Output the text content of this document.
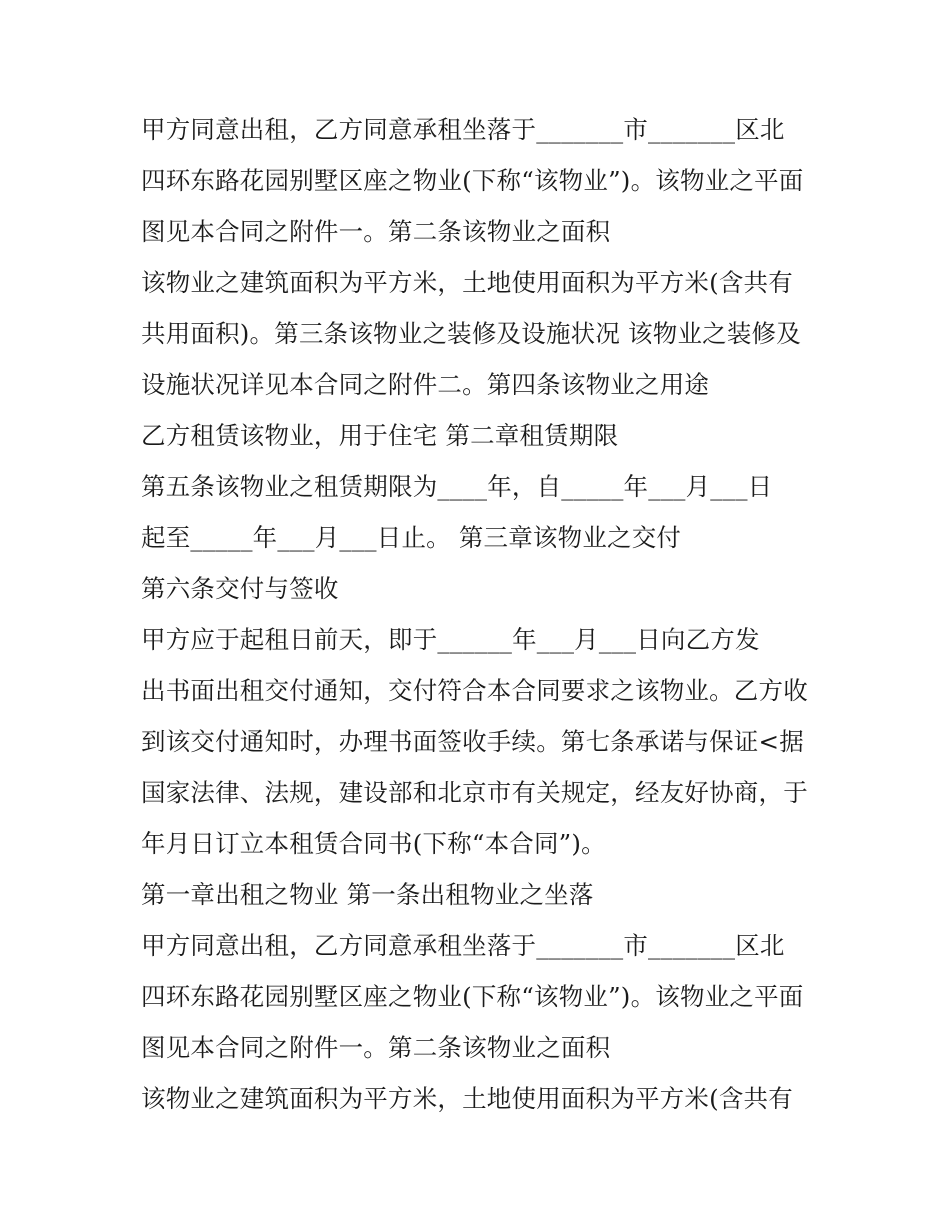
甲方同意出租，乙方同意承租坐落于_______市_______区北
四环东路花园别墅区座之物业(下称“该物业”)。该物业之平面
图见本合同之附件一。第二条该物业之面积
该物业之建筑面积为平方米，土地使用面积为平方米(含共有
共用面积)。第三条该物业之装修及设施状况 该物业之装修及
设施状况详见本合同之附件二。第四条该物业之用途
乙方租赁该物业，用于住宅 第二章租赁期限
第五条该物业之租赁期限为____年，自_____年___月___日
起至_____年___月___日止。 第三章该物业之交付
第六条交付与签收
甲方应于起租日前天，即于______年___月___日向乙方发
出书面出租交付通知，交付符合本合同要求之该物业。乙方收
到该交付通知时，办理书面签收手续。第七条承诺与保证<据
国家法律、法规，建设部和北京市有关规定，经友好协商，于
年月日订立本租赁合同书(下称“本合同”)。
第一章出租之物业 第一条出租物业之坐落
甲方同意出租，乙方同意承租坐落于_______市_______区北
四环东路花园别墅区座之物业(下称“该物业”)。该物业之平面
图见本合同之附件一。第二条该物业之面积
该物业之建筑面积为平方米，土地使用面积为平方米(含共有
